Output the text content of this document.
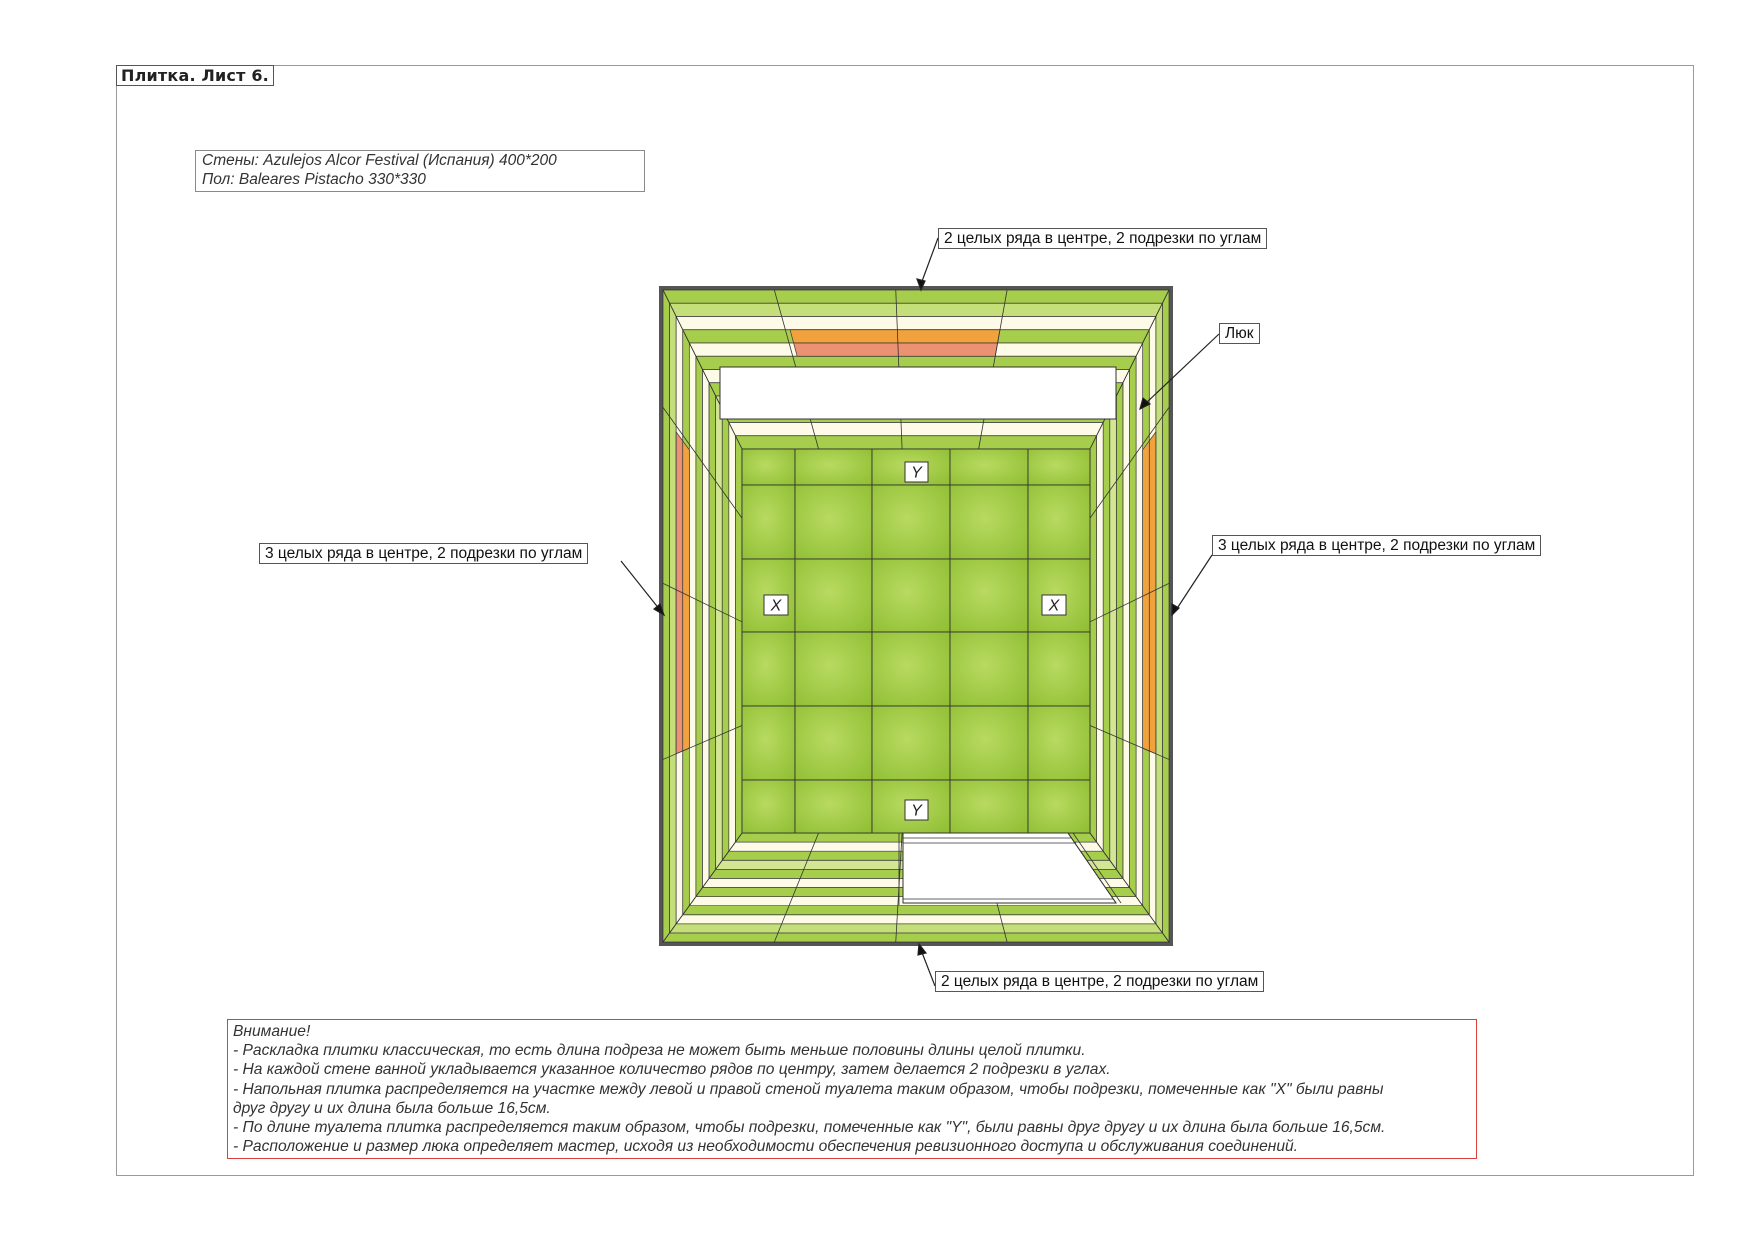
Плитка. Лист 6.
Стены: Azulejos Alcor Festival (Испания) 400*200
Пол: Baleares Pistacho 330*330
Y
Y
X	X
2 целых ряда в центре, 2 подрезки по углам
Люк
3 целых ряда в центре, 2 подрезки по углам	3 целых ряда в центре, 2 подрезки по углам
2 целых ряда в центре, 2 подрезки по углам
Внимание!
- Раскладка плитки классическая, то есть длина подреза не может быть меньше половины длины целой плитки.
- На каждой стене ванной укладывается указанное количество рядов по центру, затем делается 2 подрезки в углах.
- Напольная плитка распределяется на участке между левой и правой стеной туалета таким образом, чтобы подрезки, помеченные как "X" были равны
друг другу и их длина была больше 16,5см.
- По длине туалета плитка распределяется таким образом, чтобы подрезки, помеченные как "Y", были равны друг другу и их длина была больше 16,5см.
- Расположение и размер люка определяет мастер, исходя из необходимости обеспечения ревизионного доступа и обслуживания соединений.
